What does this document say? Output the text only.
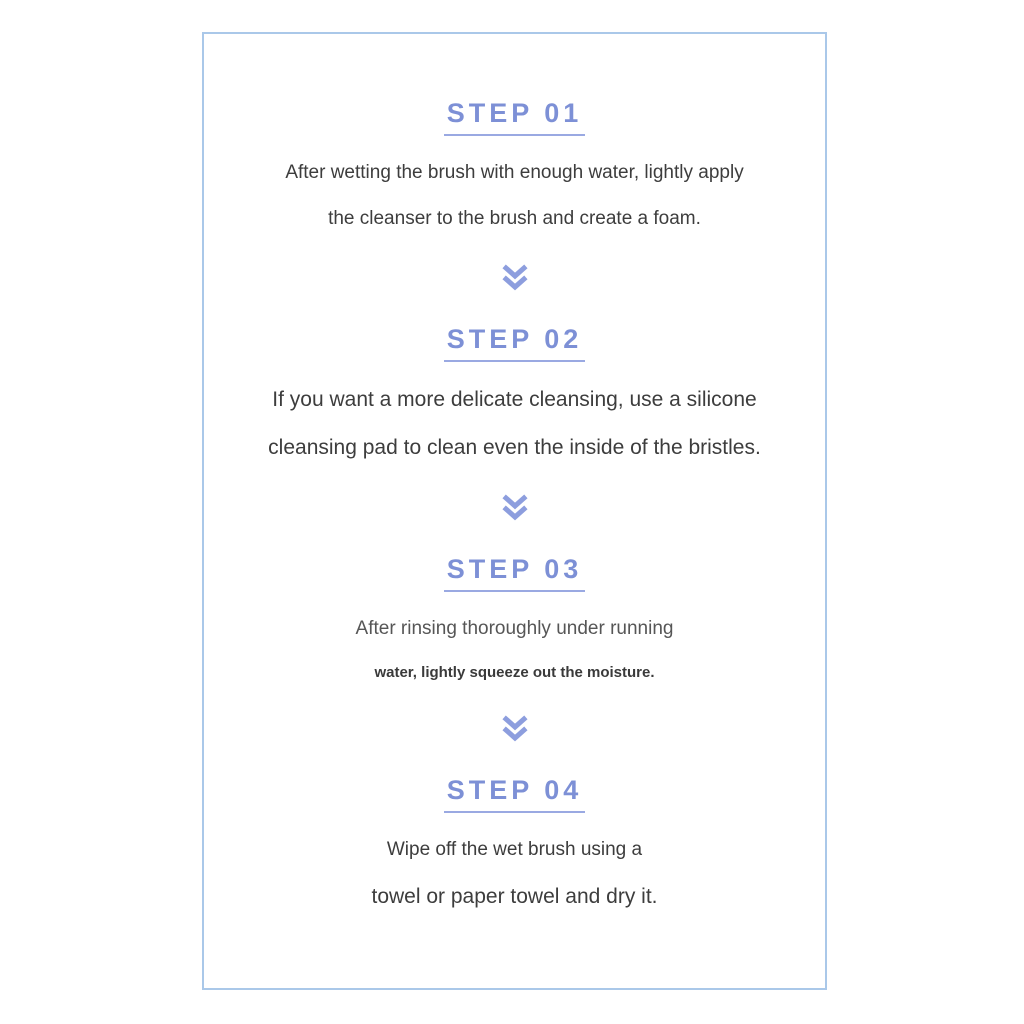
STEP 01

After wetting the brush with enough water, lightly apply

the cleanser to the brush and create a foam.

STEP 02

If you want a more delicate cleansing, use a silicone

cleansing pad to clean even the inside of the bristles.

STEP 03

After rinsing thoroughly under running

water, lightly squeeze out the moisture.

STEP 04

Wipe off the wet brush using a

towel or paper towel and dry it.
